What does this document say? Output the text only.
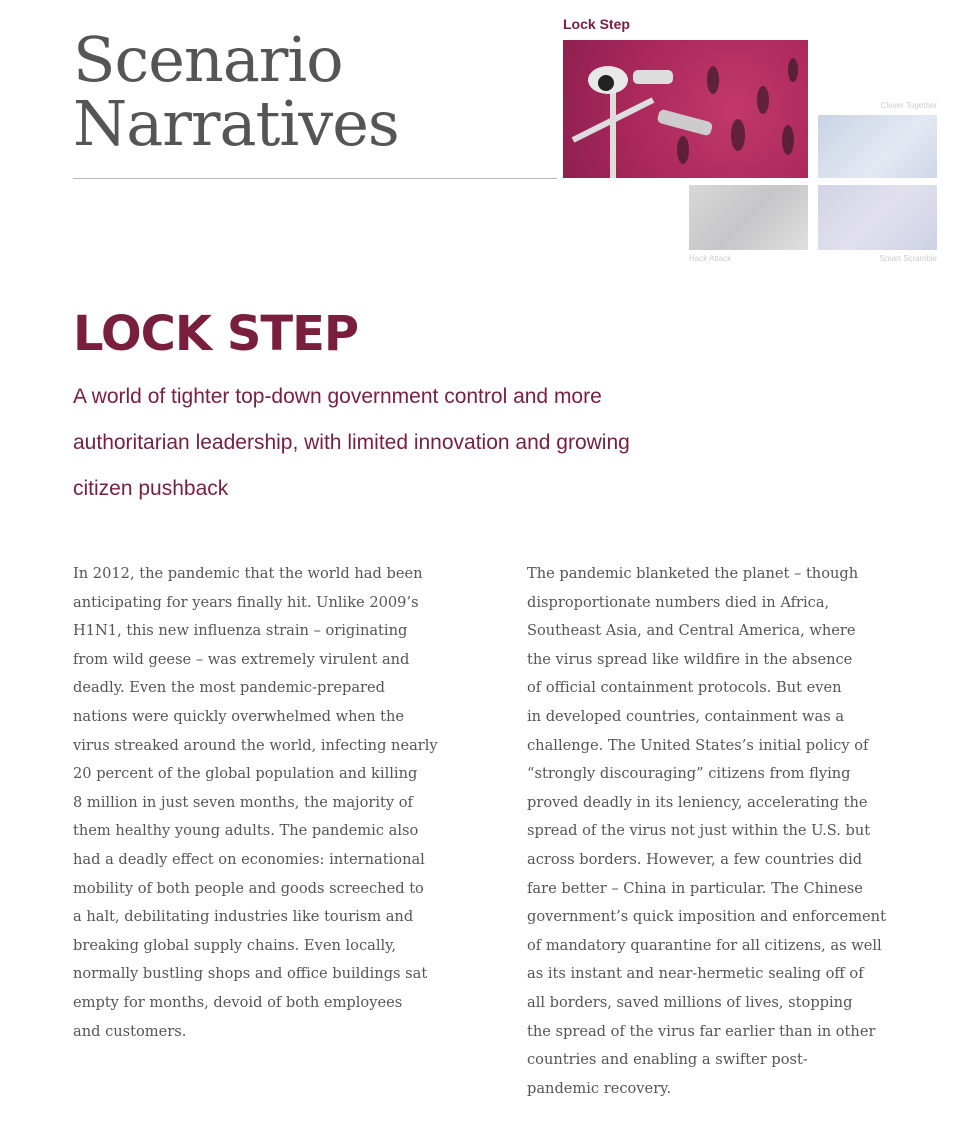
Scenario
Narratives
Lock Step
Clever Together
Hack Attack	Smart Scramble
LOCK STEP
A world of tighter top-down government control and more
authoritarian leadership, with limited innovation and growing
citizen pushback
In 2012, the pandemic that the world had been
anticipating for years finally hit. Unlike 2009’s
H1N1, this new influenza strain – originating
from wild geese – was extremely virulent and
deadly. Even the most pandemic-prepared
nations were quickly overwhelmed when the
virus streaked around the world, infecting nearly
20 percent of the global population and killing
8 million in just seven months, the majority of
them healthy young adults. The pandemic also
had a deadly effect on economies: international
mobility of both people and goods screeched to
a halt, debilitating industries like tourism and
breaking global supply chains. Even locally,
normally bustling shops and office buildings sat
empty for months, devoid of both employees
and customers.
The pandemic blanketed the planet – though
disproportionate numbers died in Africa,
Southeast Asia, and Central America, where
the virus spread like wildfire in the absence
of official containment protocols. But even
in developed countries, containment was a
challenge. The United States’s initial policy of
“strongly discouraging” citizens from flying
proved deadly in its leniency, accelerating the
spread of the virus not just within the U.S. but
across borders. However, a few countries did
fare better – China in particular. The Chinese
government’s quick imposition and enforcement
of mandatory quarantine for all citizens, as well
as its instant and near-hermetic sealing off of
all borders, saved millions of lives, stopping
the spread of the virus far earlier than in other
countries and enabling a swifter post-
pandemic recovery.
